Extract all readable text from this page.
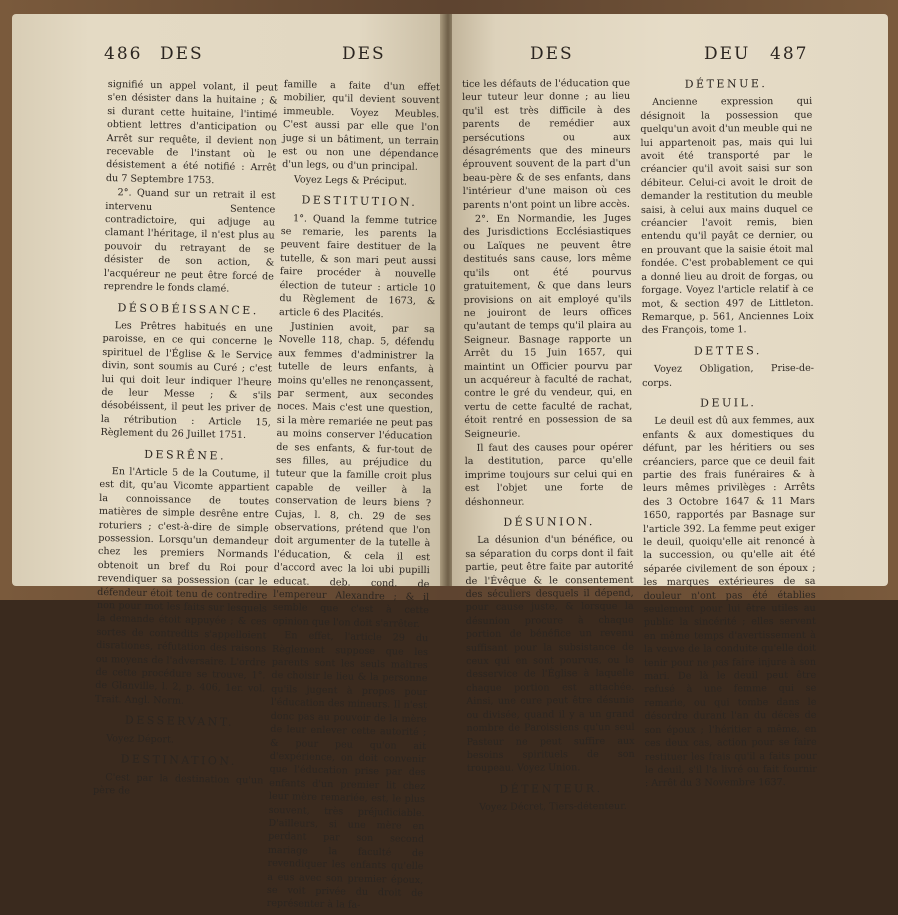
486 DES	DES

signifié un appel volant, il peut s'en désister dans la huitaine ; & si durant cette huitaine, l'intimé obtient lettres d'anticipation ou Arrêt sur requête, il devient non recevable de l'instant où le désistement a été notifié : Arrêt du 7 Septembre 1753.

2°. Quand sur un retrait il est intervenu Sentence contradictoire, qui adjuge au clamant l'héritage, il n'est plus au pouvoir du retrayant de se désister de son action, & l'acquéreur ne peut être forcé de reprendre le fonds clamé.

DÉSOBÉISSANCE.

Les Prêtres habitués en une paroisse, en ce qui concerne le spirituel de l'Église & le Service divin, sont soumis au Curé ; c'est lui qui doit leur indiquer l'heure de leur Messe ; & s'ils désobéissent, il peut les priver de la rétribution : Article 15, Règlement du 26 Juillet 1751.

DESRÊNE.

En l'Article 5 de la Coutume, il est dit, qu'au Vicomte appartient la connoissance de toutes matières de simple desrêne entre roturiers ; c'est-à-dire de simple possession. Lorsqu'un demandeur chez les premiers Normands obtenoit un bref du Roi pour revendiquer sa possession (car le défendeur étoit tenu de contredire non pour mot les faits sur lesquels la demande étoit appuyée ; & ces sortes de contredits s'appelloient disrationes, réfutation des raisons ou moyens de l'adversaire. L'ordre de cette procédure se trouve, 1°. de Glanville, l. 2, p. 406, 1er. vol. Trait. Angl. Norm.

DESSERVANT.

Voyez Déport.

DESTINATION.

C'est par la destination qu'un père de

famille a faite d'un effet mobilier, qu'il devient souvent immeuble. Voyez Meubles. C'est aussi par elle que l'on juge si un bâtiment, un terrain est ou non une dépendance d'un legs, ou d'un principal.

Voyez Legs & Préciput.

DESTITUTION.

1°. Quand la femme tutrice se remarie, les parents la peuvent faire destituer de la tutelle, & son mari peut aussi faire procéder à nouvelle élection de tuteur : article 10 du Règlement de 1673, & article 6 des Placités.

Justinien avoit, par sa Novelle 118, chap. 5, défendu aux femmes d'administrer la tutelle de leurs enfants, à moins qu'elles ne renonçassent, par serment, aux secondes noces. Mais c'est une question, si la mère remariée ne peut pas au moins conserver l'éducation de ses enfants, & fur-tout de ses filles, au préjudice du tuteur que la famille croit plus capable de veiller à la conservation de leurs biens ? Cujas, l. 8, ch. 29 de ses observations, prétend que l'on doit argumenter de la tutelle à l'éducation, & cela il est d'accord avec la loi ubi pupilli educat. deb. cond. de l'empereur Alexandre ; & il semble que c'est à cette opinion que l'on doit s'arrêter.

En effet, l'article 29 du Règlement suppose que les parents sont les seuls maîtres de choisir le lieu & la personne qu'ils jugent à propos pour l'éducation des mineurs. Il n'est donc pas au pouvoir de la mère de leur enlever cette autorité ; & pour peu qu'on ait d'expérience, on doit convenir que l'éducation prise par des enfants d'un premier lit chez leur mère remariée, est, le plus souvent, très préjudiciable. D'ailleurs, si une mère en perdant par son second mariage la faculté de revendiquer les enfants qu'elle a eus avec son premier époux, se voit privée du droit de représenter à la fa-

DES	DEU 487

tice les défauts de l'éducation que leur tuteur leur donne ; au lieu qu'il est très difficile à des parents de remédier aux persécutions ou aux désagréments que des mineurs éprouvent souvent de la part d'un beau-père & de ses enfants, dans l'intérieur d'une maison où ces parents n'ont point un libre accès.

2°. En Normandie, les Juges des Jurisdictions Ecclésiastiques ou Laïques ne peuvent être destitués sans cause, lors même qu'ils ont été pourvus gratuitement, & que dans leurs provisions on ait employé qu'ils ne jouiront de leurs offices qu'autant de temps qu'il plaira au Seigneur. Basnage rapporte un Arrêt du 15 Juin 1657, qui maintint un Officier pourvu par un acquéreur à faculté de rachat, contre le gré du vendeur, qui, en vertu de cette faculté de rachat, étoit rentré en possession de sa Seigneurie.

Il faut des causes pour opérer la destitution, parce qu'elle imprime toujours sur celui qui en est l'objet une forte de déshonneur.

DÉSUNION.

La désunion d'un bénéfice, ou sa séparation du corps dont il fait partie, peut être faite par autorité de l'Évêque & le consentement des séculiers desquels il dépend, pour cause juste, & lorsque la désunion procure à chaque portion de bénéfice un revenu suffisant pour la subsistance de ceux qui en sont pourvus, ou le desservice de l'Église à laquelle chaque portion est attachée. Ainsi, une cure peut être désunie ou divisée, quand il y a un grand nombre de Paroissiens qu'un seul Pasteur ne peut suffire aux besoins spirituels de son troupeau. Voyez Union.

DÉTENTEUR.

Voyez Décret, Tiers-détenteur.

DÉTENUE.

Ancienne expression qui désignoit la possession que quelqu'un avoit d'un meuble qui ne lui appartenoit pas, mais qui lui avoit été transporté par le créancier qu'il avoit saisi sur son débiteur. Celui-ci avoit le droit de demander la restitution du meuble saisi, à celui aux mains duquel ce créancier l'avoit remis, bien entendu qu'il payât ce dernier, ou en prouvant que la saisie étoit mal fondée. C'est probablement ce qui a donné lieu au droit de forgas, ou forgage. Voyez l'article relatif à ce mot, & section 497 de Littleton. Remarque, p. 561, Anciennes Loix des François, tome 1.

DETTES.

Voyez Obligation, Prise-de-corps.

DEUIL.

Le deuil est dû aux femmes, aux enfants & aux domestiques du défunt, par les héritiers ou ses créanciers, parce que ce deuil fait partie des frais funéraires & à leurs mêmes privilèges : Arrêts des 3 Octobre 1647 & 11 Mars 1650, rapportés par Basnage sur l'article 392. La femme peut exiger le deuil, quoiqu'elle ait renoncé à la succession, ou qu'elle ait été séparée civilement de son époux ; les marques extérieures de sa douleur n'ont pas été établies seulement pour lui être utiles au public la sincérité ; elles servent en même temps d'avertissement à la veuve de la conduite qu'elle doit tenir pour ne pas faire injure à son mari. De là le deuil peut être refusé à une femme qui se remarie, ou qui tombe dans le désordre durant l'an du décès de son époux ; l'héritier a même, en ces deux cas, action pour se faire restituer les frais qu'il a faits pour le deuil, s'il l'a livré ou fait fournir : Arrêt du 3 Novembre 1637.
